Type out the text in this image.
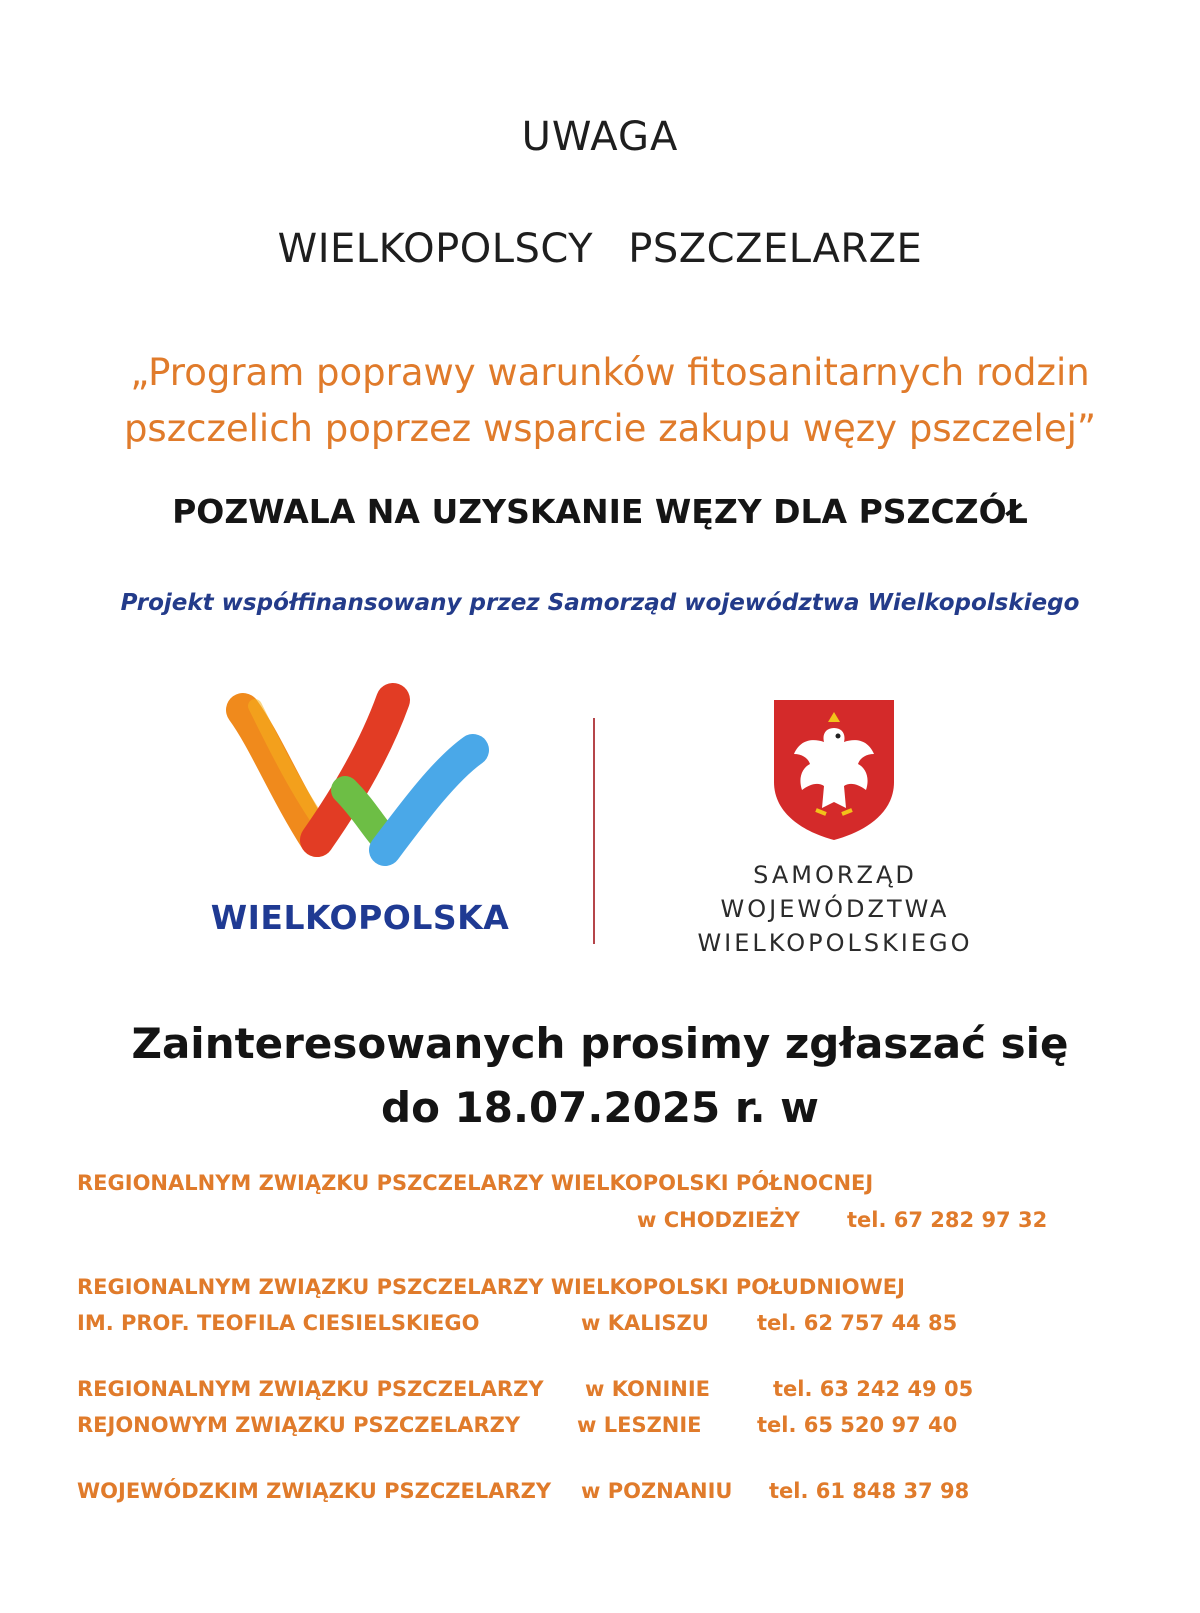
UWAGA
WIELKOPOLSCY PSZCZELARZE
„Program poprawy warunków fitosanitarnych rodzin
pszczelich poprzez wsparcie zakupu węzy pszczelej”
POZWALA NA UZYSKANIE WĘZY DLA PSZCZÓŁ
Projekt współfinansowany przez Samorząd województwa Wielkopolskiego
WIELKOPOLSKA
SAMORZĄD
WOJEWÓDZTWA
WIELKOPOLSKIEGO
Zainteresowanych prosimy zgłaszać się
do 18.07.2025 r. w
REGIONALNYM ZWIĄZKU PSZCZELARZY WIELKOPOLSKI PÓŁNOCNEJ
w CHODZIEŻY tel. 67 282 97 32
REGIONALNYM ZWIĄZKU PSZCZELARZY WIELKOPOLSKI POŁUDNIOWEJ
IM. PROF. TEOFILA CIESIELSKIEGO	w KALISZU tel. 62 757 44 85
REGIONALNYM ZWIĄZKU PSZCZELARZY w KONINIE	tel. 63 242 49 05
REJONOWYM ZWIĄZKU PSZCZELARZY	w LESZNIE	tel. 65 520 97 40
WOJEWÓDZKIM ZWIĄZKU PSZCZELARZY w POZNANIU tel. 61 848 37 98
